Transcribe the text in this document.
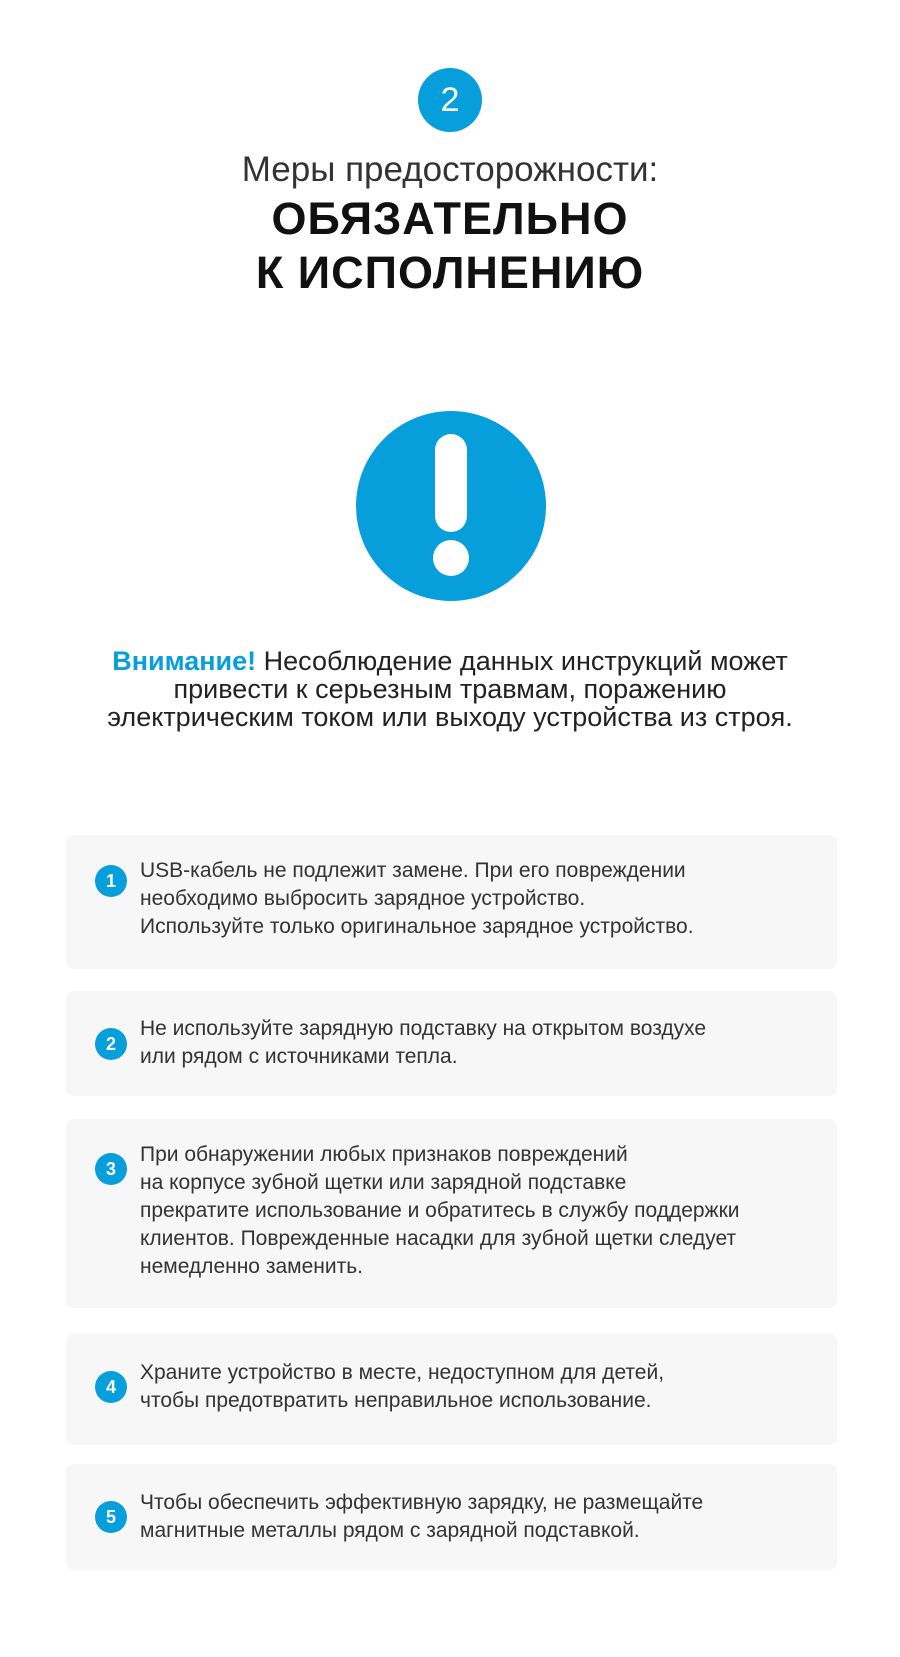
2
Меры предосторожности:
ОБЯЗАТЕЛЬНО
К ИСПОЛНЕНИЮ
Внимание! Несоблюдение данных инструкций может привести к серьезным травмам, поражению электрическим током или выходу устройства из строя.
1	USB-кабель не подлежит замене. При его повреждении
необходимо выбросить зарядное устройство.
Используйте только оригинальное зарядное устройство.
2
Не используйте зарядную подставку на открытом воздухе
или рядом с источниками тепла.
3
При обнаружении любых признаков повреждений
на корпусе зубной щетки или зарядной подставке
прекратите использование и обратитесь в службу поддержки
клиентов. Поврежденные насадки для зубной щетки следует
немедленно заменить.
4
Храните устройство в месте, недоступном для детей,
чтобы предотвратить неправильное использование.
5
Чтобы обеспечить эффективную зарядку, не размещайте
магнитные металлы рядом с зарядной подставкой.
